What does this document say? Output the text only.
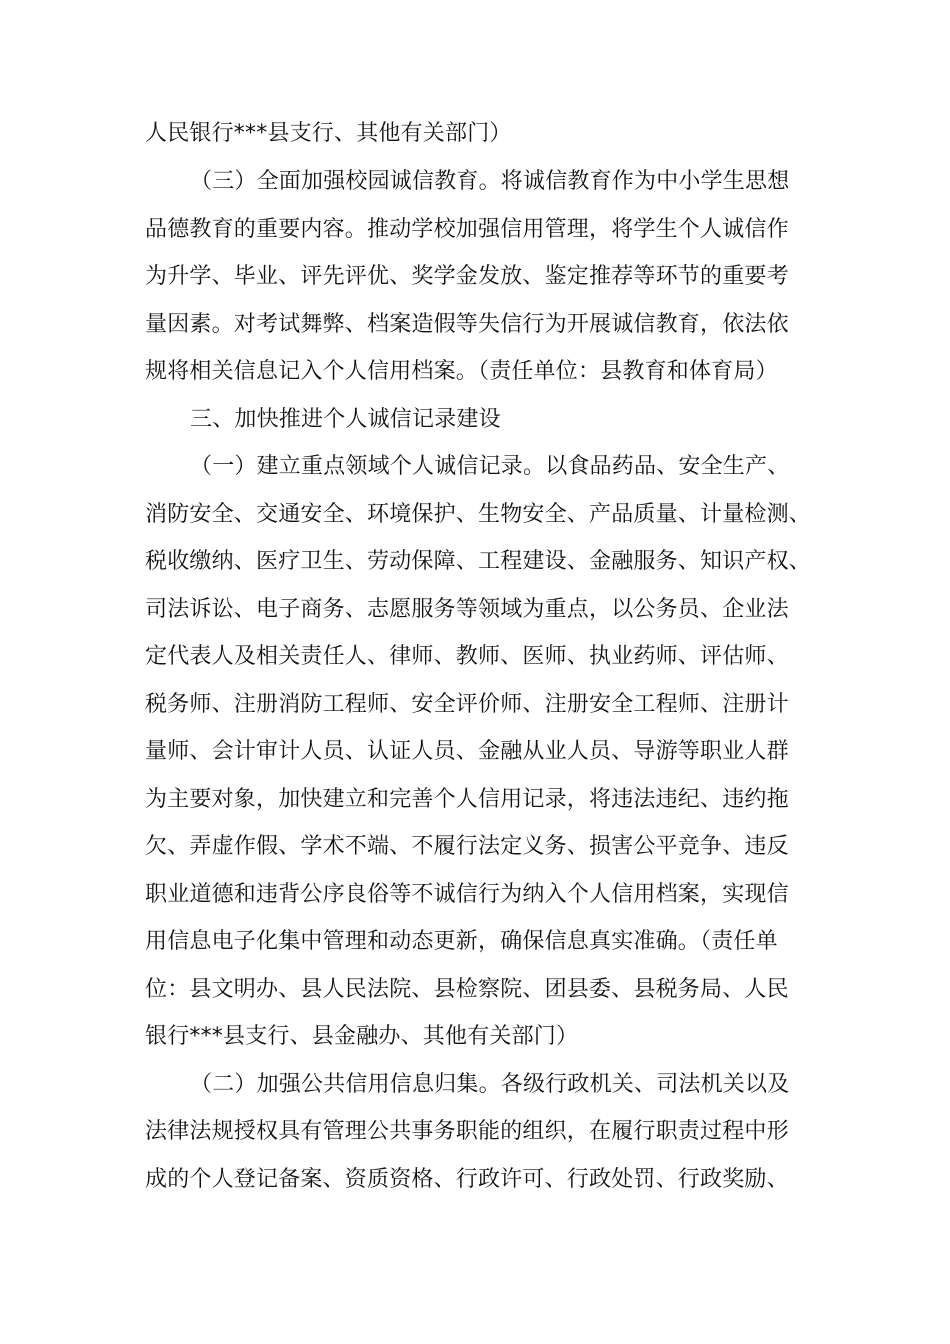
人民银行***县支行、其他有关部门）
（三）全面加强校园诚信教育。将诚信教育作为中小学生思想
品德教育的重要内容。推动学校加强信用管理，将学生个人诚信作
为升学、毕业、评先评优、奖学金发放、鉴定推荐等环节的重要考
量因素。对考试舞弊、档案造假等失信行为开展诚信教育，依法依
规将相关信息记入个人信用档案。（责任单位：县教育和体育局）
三、加快推进个人诚信记录建设
（一）建立重点领域个人诚信记录。以食品药品、安全生产、
消防安全、交通安全、环境保护、生物安全、产品质量、计量检测、
税收缴纳、医疗卫生、劳动保障、工程建设、金融服务、知识产权、
司法诉讼、电子商务、志愿服务等领域为重点，以公务员、企业法
定代表人及相关责任人、律师、教师、医师、执业药师、评估师、
税务师、注册消防工程师、安全评价师、注册安全工程师、注册计
量师、会计审计人员、认证人员、金融从业人员、导游等职业人群
为主要对象，加快建立和完善个人信用记录，将违法违纪、违约拖
欠、弄虚作假、学术不端、不履行法定义务、损害公平竞争、违反
职业道德和违背公序良俗等不诚信行为纳入个人信用档案，实现信
用信息电子化集中管理和动态更新，确保信息真实准确。（责任单
位：县文明办、县人民法院、县检察院、团县委、县税务局、人民
银行***县支行、县金融办、其他有关部门）
（二）加强公共信用信息归集。各级行政机关、司法机关以及
法律法规授权具有管理公共事务职能的组织，在履行职责过程中形
成的个人登记备案、资质资格、行政许可、行政处罚、行政奖励、
